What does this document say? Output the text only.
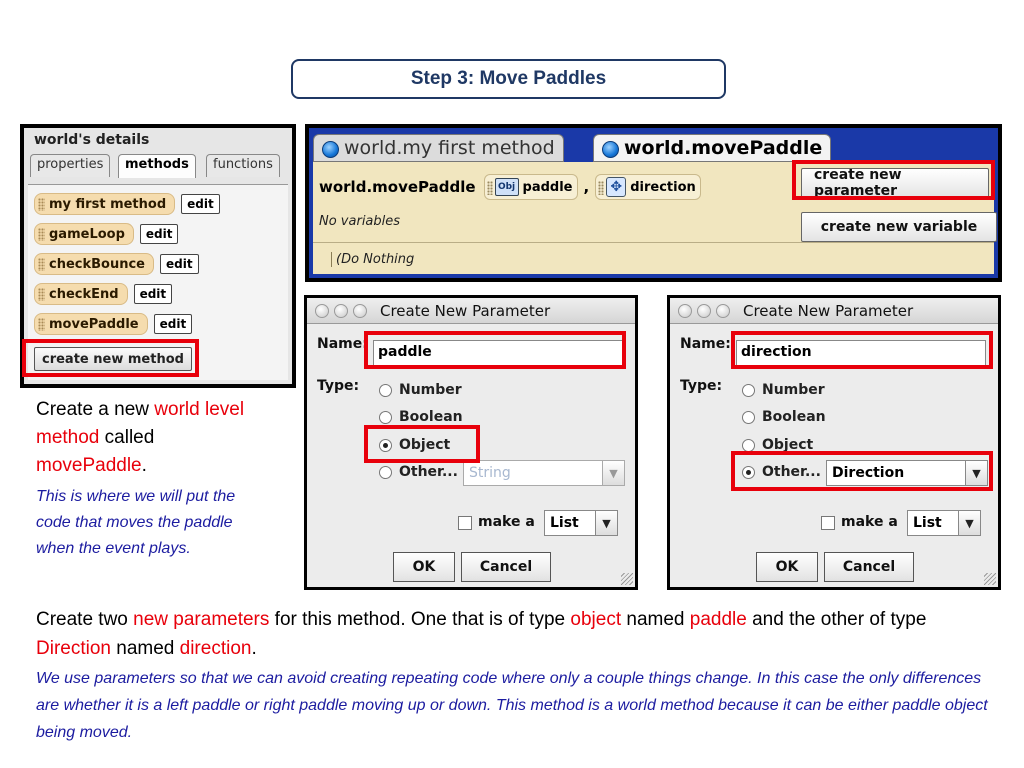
Step 3: Move Paddles
world's details
properties	methods	functions
my first method	edit
gameLoop	edit
checkBounce	edit
checkEnd	edit
movePaddle	edit
create new method
world.my first method	world.movePaddle
world.movePaddle	Obj paddle , ✥ direction
create new parameter
create new variable
No variables
(Do Nothing
Create New Parameter
Name: paddle
Type:	Number
Boolean
Object
Other... String	▼
make a List	▼
OK	Cancel
Create New Parameter
Name: direction
Type:	Number
Boolean
Object
Other... Direction	▼
make a List	▼
OK	Cancel
Create a new world level method called movePaddle.
This is where we will put the code that moves the paddle when the event plays.
Create two new parameters for this method. One that is of type object named paddle and the other of type Direction named direction.
We use parameters so that we can avoid creating repeating code where only a couple things change. In this case the only differences are whether it is a left paddle or right paddle moving up or down. This method is a world method because it can be either paddle object being moved.
